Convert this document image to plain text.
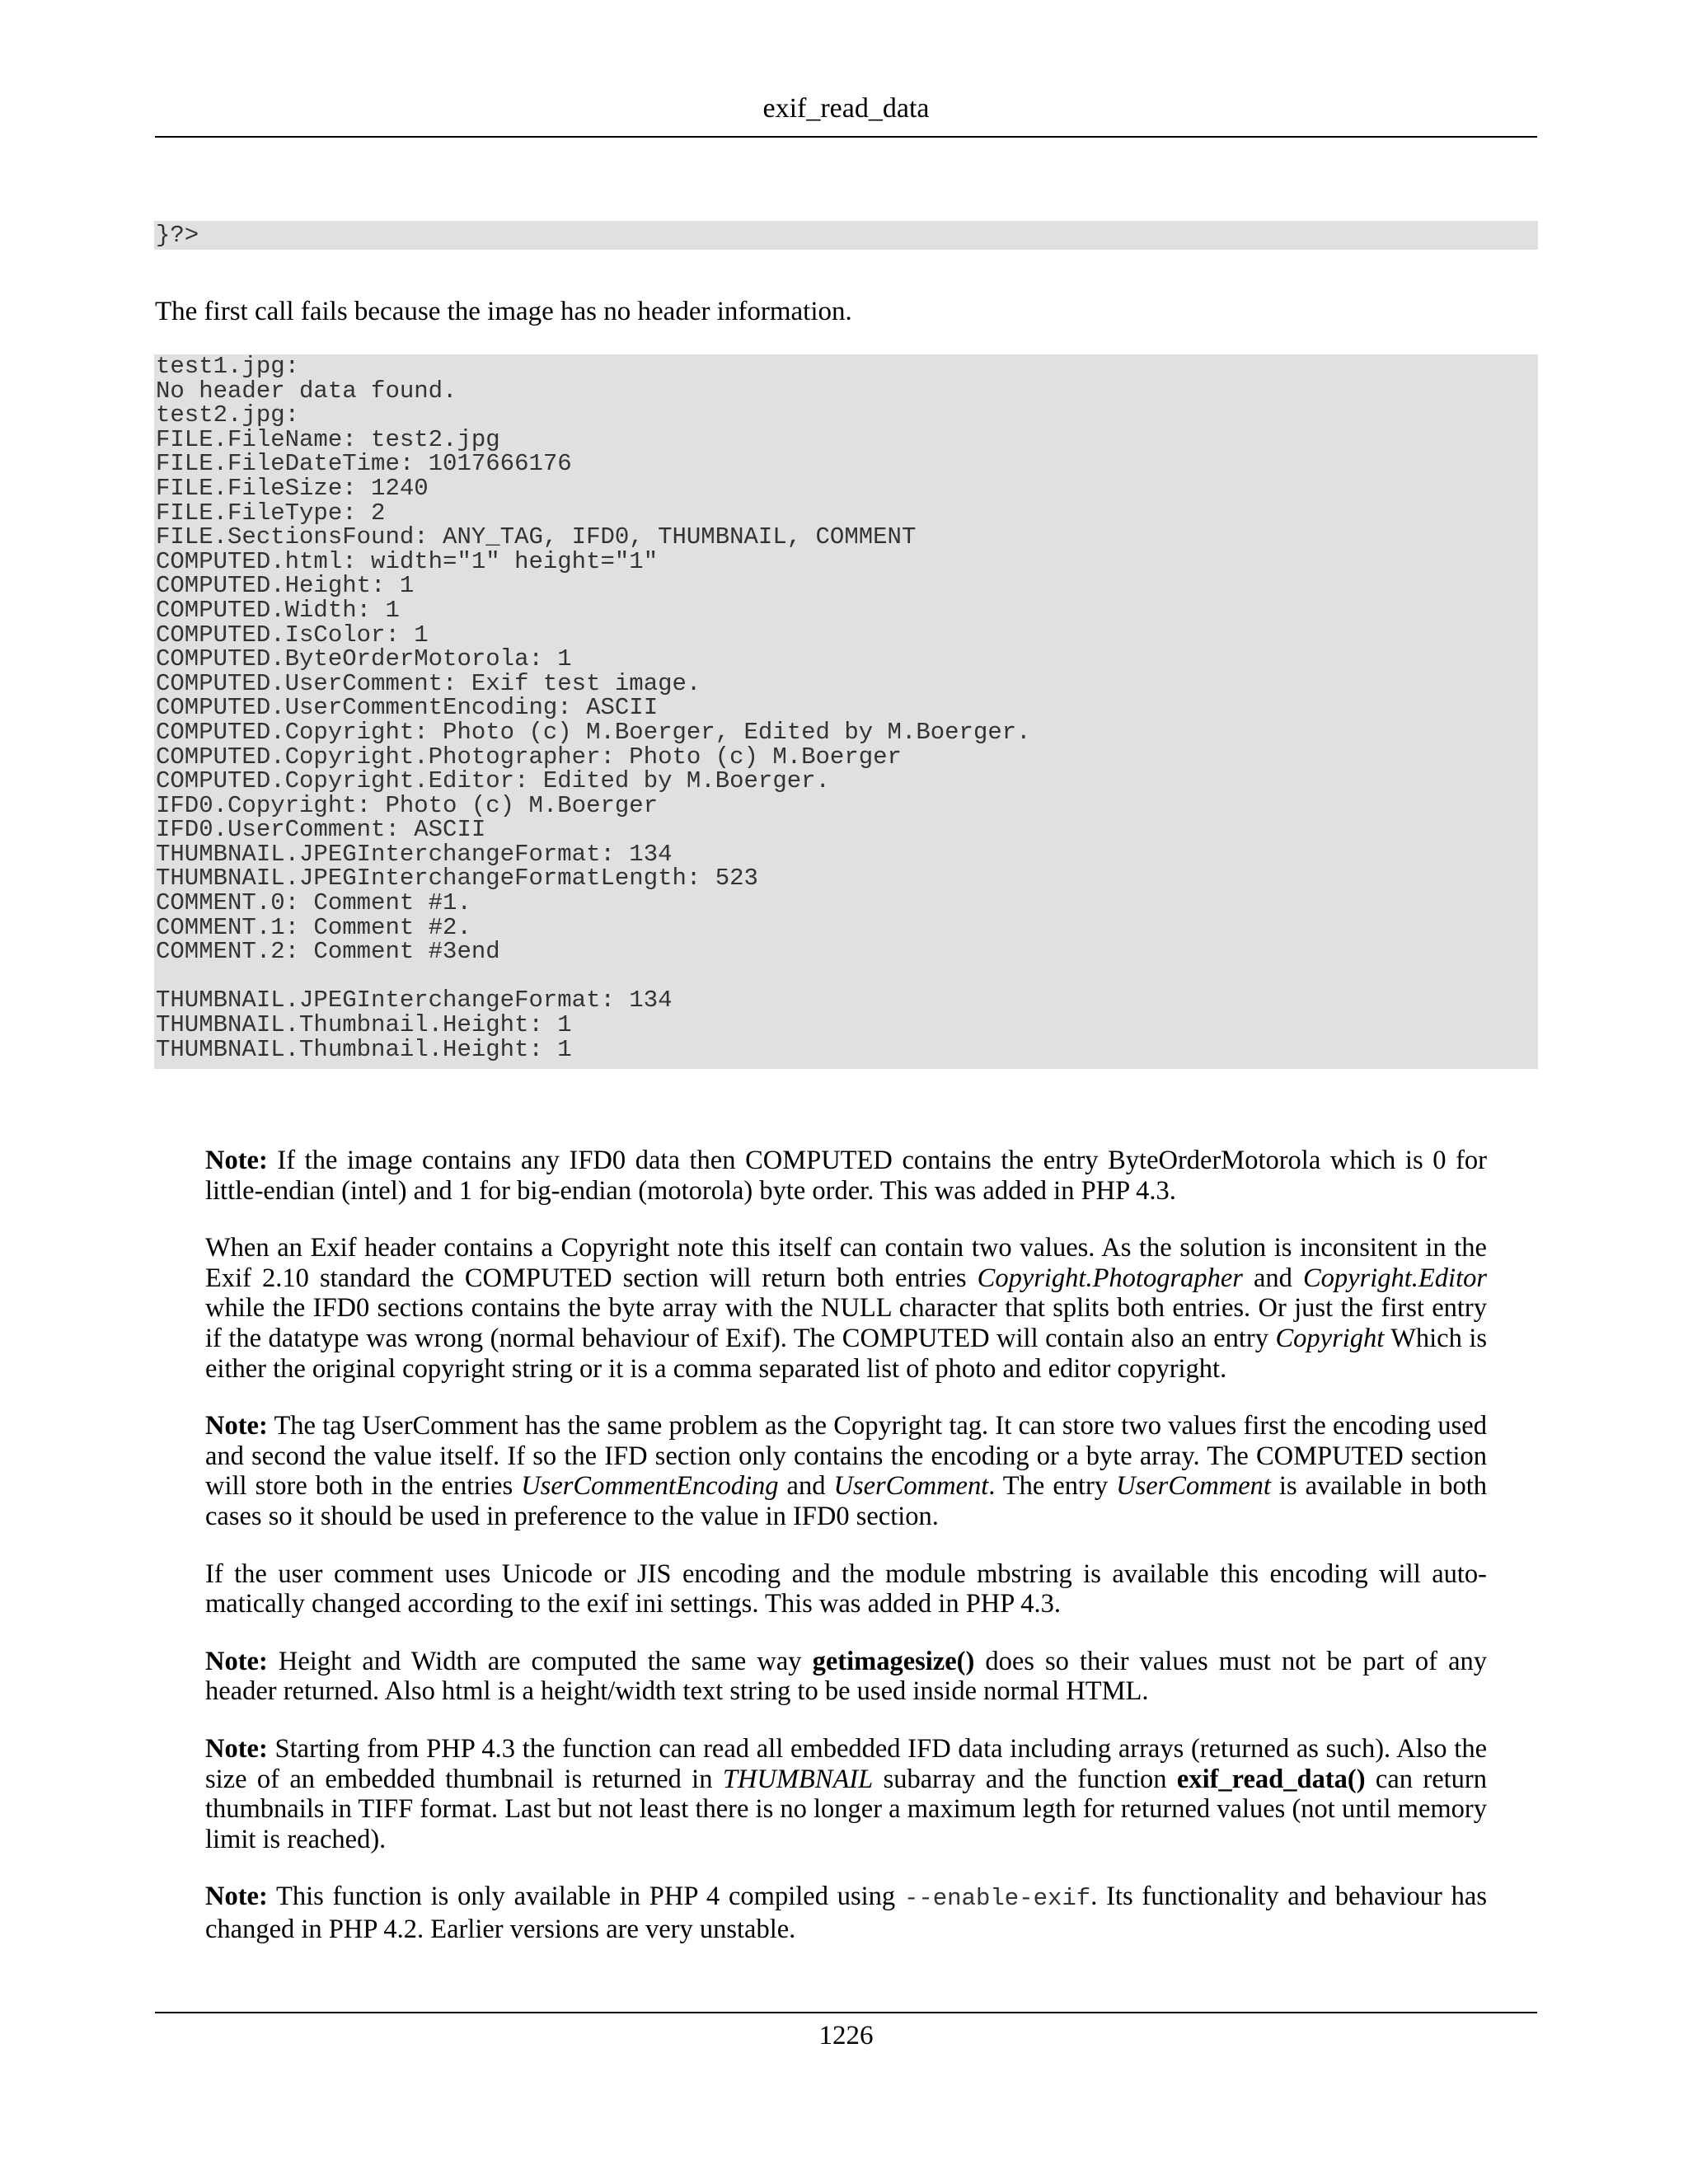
exif_read_data
}?>
The first call fails because the image has no header information.
test1.jpg:
No header data found.
test2.jpg:
FILE.FileName: test2.jpg
FILE.FileDateTime: 1017666176
FILE.FileSize: 1240
FILE.FileType: 2
FILE.SectionsFound: ANY_TAG, IFD0, THUMBNAIL, COMMENT
COMPUTED.html: width="1" height="1"
COMPUTED.Height: 1
COMPUTED.Width: 1
COMPUTED.IsColor: 1
COMPUTED.ByteOrderMotorola: 1
COMPUTED.UserComment: Exif test image.
COMPUTED.UserCommentEncoding: ASCII
COMPUTED.Copyright: Photo (c) M.Boerger, Edited by M.Boerger.
COMPUTED.Copyright.Photographer: Photo (c) M.Boerger
COMPUTED.Copyright.Editor: Edited by M.Boerger.
IFD0.Copyright: Photo (c) M.Boerger
IFD0.UserComment: ASCII
THUMBNAIL.JPEGInterchangeFormat: 134
THUMBNAIL.JPEGInterchangeFormatLength: 523
COMMENT.0: Comment #1.
COMMENT.1: Comment #2.
COMMENT.2: Comment #3end
THUMBNAIL.JPEGInterchangeFormat: 134
THUMBNAIL.Thumbnail.Height: 1
THUMBNAIL.Thumbnail.Height: 1

Note: If the image contains any IFD0 data then COMPUTED contains the entry ByteOrderMotorola which is 0 for little-endian (intel) and 1 for big-endian (motorola) byte order. This was added in PHP 4.3.

When an Exif header contains a Copyright note this itself can contain two values. As the solution is inconsitent in the Exif 2.10 standard the COMPUTED section will return both entries Copyright.Photographer and Copyright.Editor while the IFD0 sections contains the byte array with the NULL character that splits both entries. Or just the first entry if the datatype was wrong (normal behaviour of Exif). The COMPUTED will contain also an entry Copyright Which is either the original copyright string or it is a comma separated list of photo and editor copyright.

Note: The tag UserComment has the same problem as the Copyright tag. It can store two values first the encoding used and second the value itself. If so the IFD section only contains the encoding or a byte array. The COMPUTED section will store both in the entries UserCommentEncoding and UserComment. The entry UserComment is available in both cases so it should be used in preference to the value in IFD0 section.

If the user comment uses Unicode or JIS encoding and the module mbstring is available this encoding will automatically changed according to the exif ini settings. This was added in PHP 4.3.

Note: Height and Width are computed the same way getimagesize() does so their values must not be part of any header returned. Also html is a height/width text string to be used inside normal HTML.

Note: Starting from PHP 4.3 the function can read all embedded IFD data including arrays (returned as such). Also the size of an embedded thumbnail is returned in THUMBNAIL subarray and the function exif_read_data() can return thumbnails in TIFF format. Last but not least there is no longer a maximum legth for returned values (not until memory limit is reached).

Note: This function is only available in PHP 4 compiled using --enable-exif. Its functionality and behaviour has changed in PHP 4.2. Earlier versions are very unstable.

1226
